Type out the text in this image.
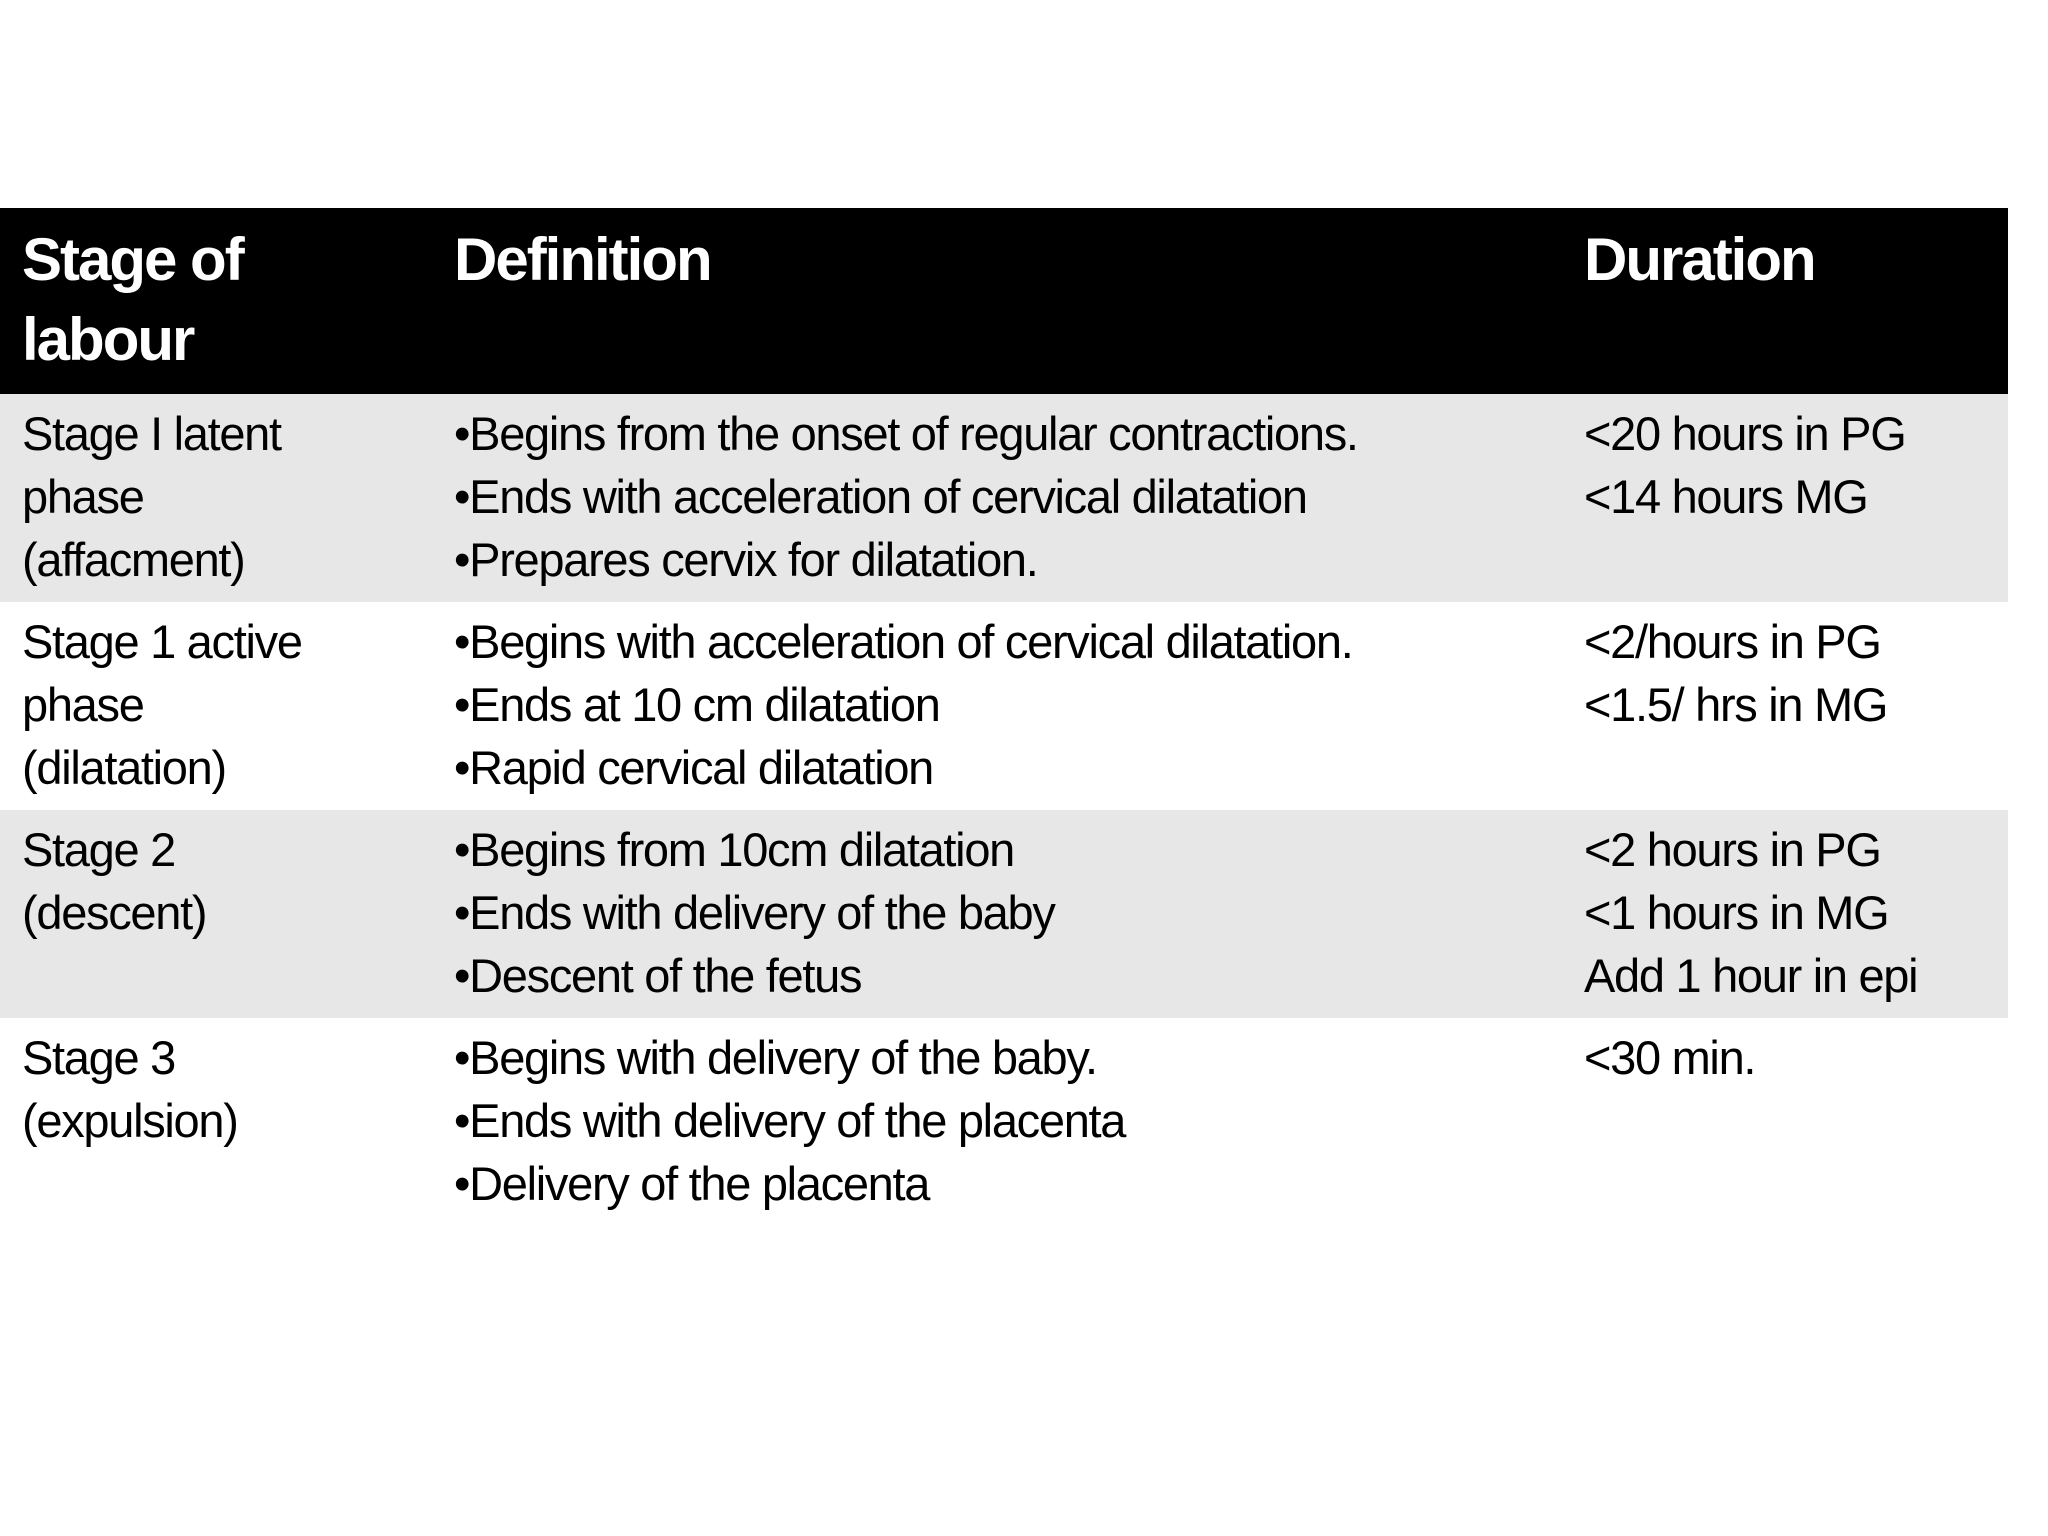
Stage of
labour
Definition	Duration
Stage I latent
phase
(affacment)
• Begins from the onset of regular contractions.
• Ends with acceleration of cervical dilatation
• Prepares cervix for dilatation.
<20 hours in PG
<14 hours MG
Stage 1 active
phase
(dilatation)
• Begins with acceleration of cervical dilatation.
• Ends at 10 cm dilatation
• Rapid cervical dilatation
<2/hours in PG
<1.5/ hrs in MG
Stage 2
(descent)
• Begins from 10cm dilatation
• Ends with delivery of the baby
• Descent of the fetus
<2 hours in PG
<1 hours in MG
Add 1 hour in epi
Stage 3
(expulsion)
• Begins with delivery of the baby.
• Ends with delivery of the placenta
• Delivery of the placenta
<30 min.
